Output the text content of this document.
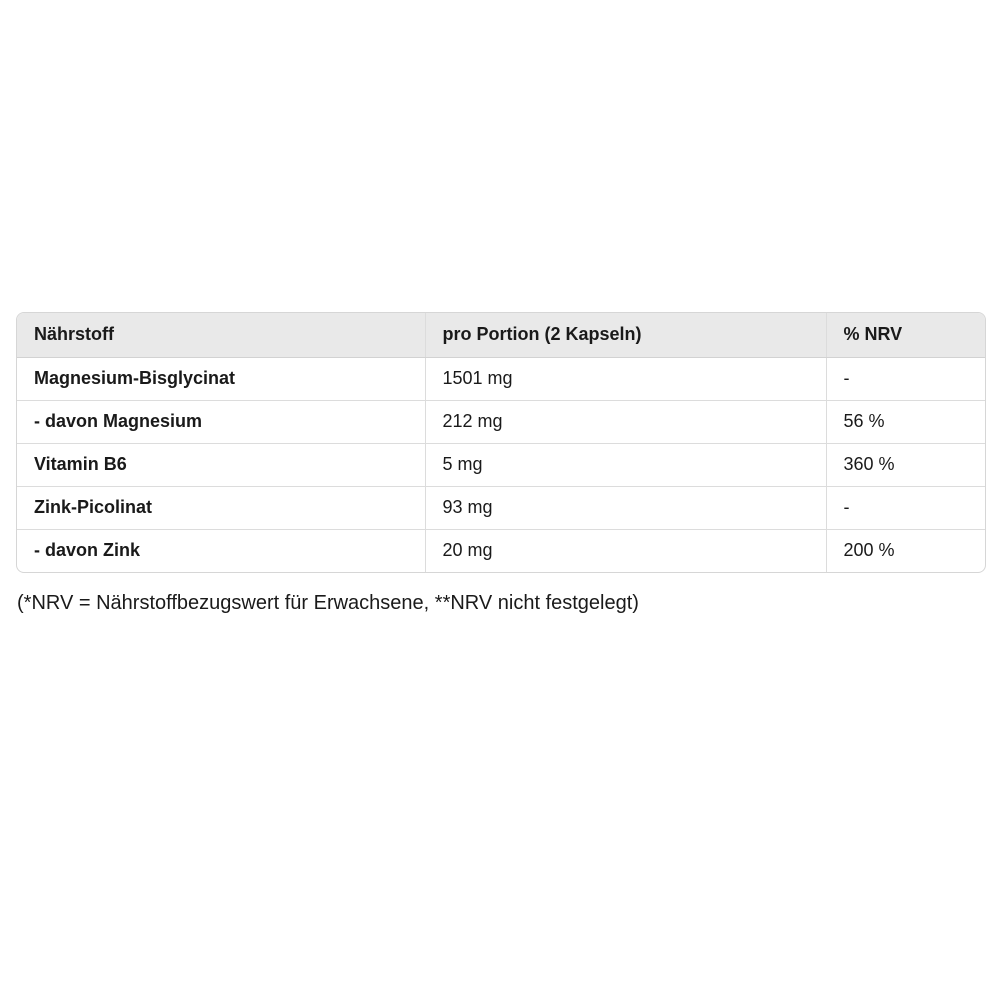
Nährstoff	pro Portion (2 Kapseln)	% NRV
Magnesium-Bisglycinat	1501 mg	-
- davon Magnesium	212 mg	56 %
Vitamin B6	5 mg	360 %
Zink-Picolinat	93 mg	-
- davon Zink	20 mg	200 %
(*NRV = Nährstoffbezugswert für Erwachsene, **NRV nicht festgelegt)
